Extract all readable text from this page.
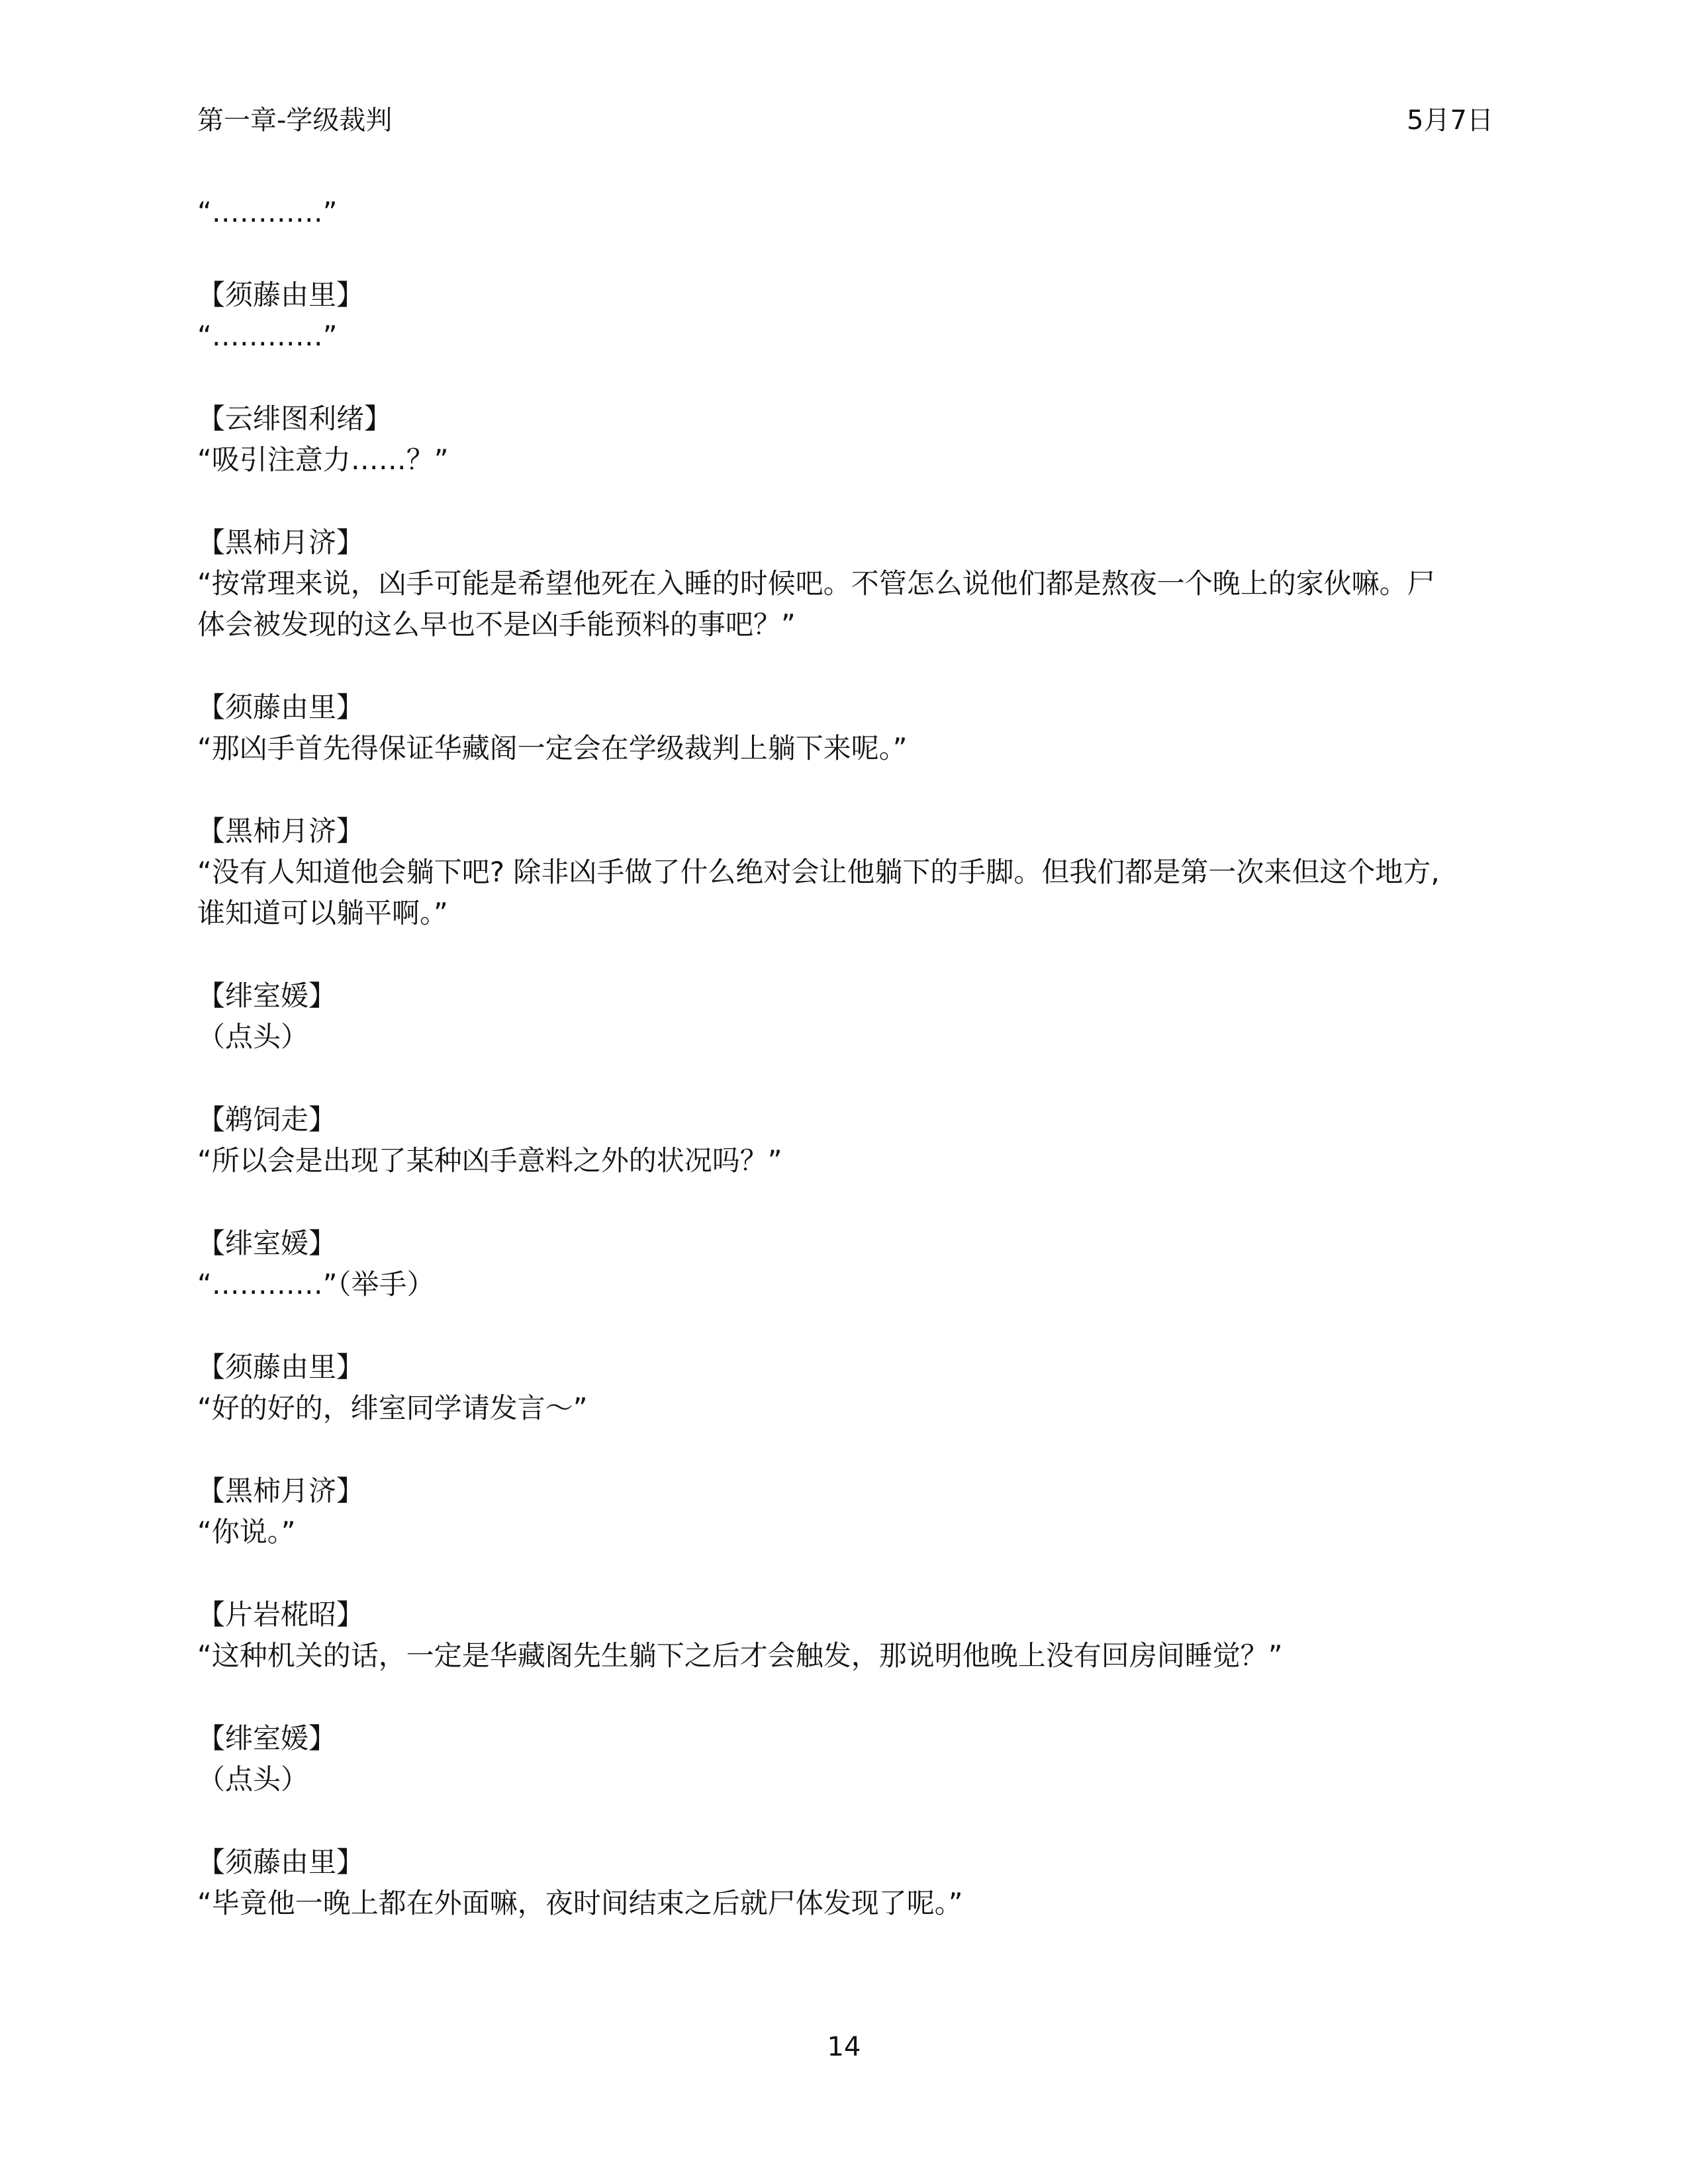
第一章-学级裁判	5月7日
“…………”
【须藤由里】
“…………”
【云绯图利绪】
“吸引注意力……？”
【黑柿月济】
“按常理来说，凶手可能是希望他死在入睡的时候吧。不管怎么说他们都是熬夜一个晚上的家伙嘛。尸
体会被发现的这么早也不是凶手能预料的事吧？”
【须藤由里】
“那凶手首先得保证华藏阁一定会在学级裁判上躺下来呢。”
【黑柿月济】
“没有人知道他会躺下吧? 除非凶手做了什么绝对会让他躺下的手脚。但我们都是第一次来但这个地方,
谁知道可以躺平啊。”
【绯室媛】
（点头）
【鹈饲走】
“所以会是出现了某种凶手意料之外的状况吗？”
【绯室媛】
“…………”（举手）
【须藤由里】
“好的好的，绯室同学请发言～”
【黑柿月济】
“你说。”
【片岩椛昭】
“这种机关的话，一定是华藏阁先生躺下之后才会触发，那说明他晚上没有回房间睡觉？”
【绯室媛】
（点头）
【须藤由里】
“毕竟他一晚上都在外面嘛，夜时间结束之后就尸体发现了呢。”
14
